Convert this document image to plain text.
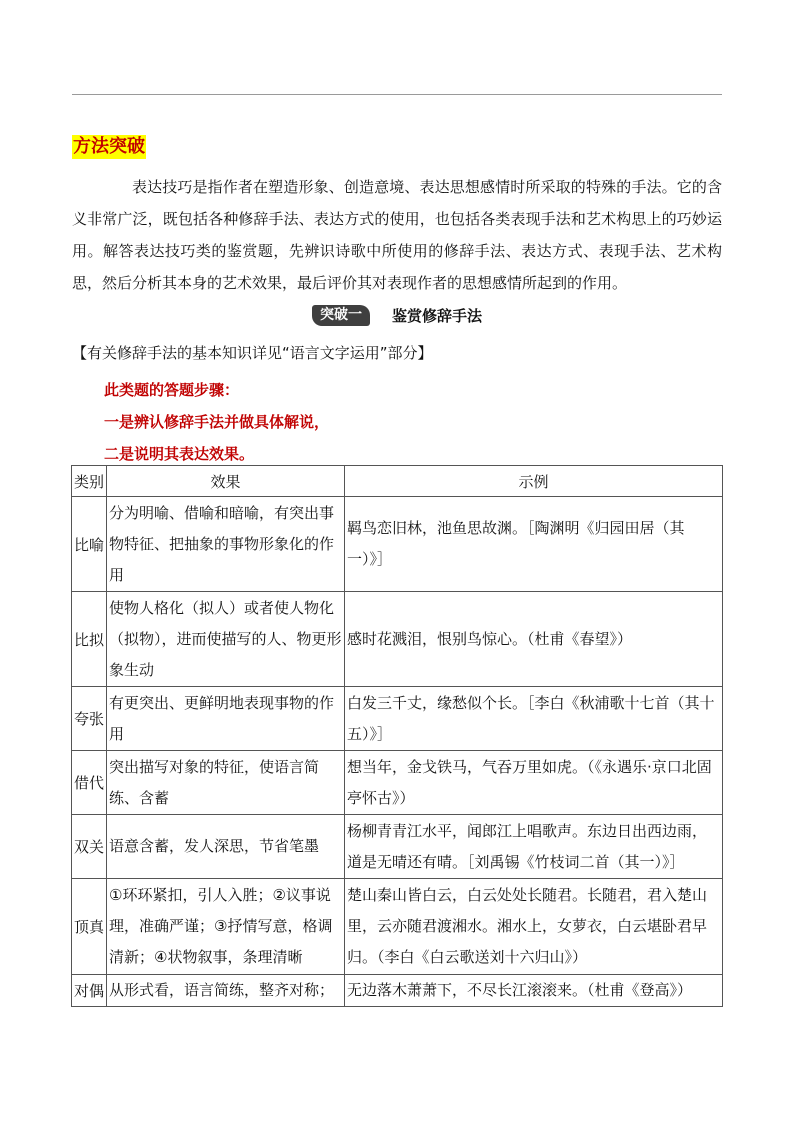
方法突破

表达技巧是指作者在塑造形象、创造意境、表达思想感情时所采取的特殊的手法。它的含义非常广泛，既包括各种修辞手法、表达方式的使用，也包括各类表现手法和艺术构思上的巧妙运用。解答表达技巧类的鉴赏题，先辨识诗歌中所使用的修辞手法、表达方式、表现手法、艺术构思，然后分析其本身的艺术效果，最后评价其对表现作者的思想感情所起到的作用。

突破一	鉴赏修辞手法
【有关修辞手法的基本知识详见“语言文字运用”部分】
此类题的答题步骤：
一是辨认修辞手法并做具体解说，
二是说明其表达效果。
类别	效果	示例
比喻	分为明喻、借喻和暗喻，有突出事物特征、把抽象的事物形象化的作用	羁鸟恋旧林，池鱼思故渊。［陶渊明《归园田居（其一）》］
比拟	使物人格化（拟人）或者使人物化（拟物），进而使描写的人、物更形象生动	感时花溅泪，恨别鸟惊心。（杜甫《春望》）
夸张	有更突出、更鲜明地表现事物的作用	白发三千丈，缘愁似个长。［李白《秋浦歌十七首（其十五）》］
借代	突出描写对象的特征，使语言简练、含蓄	想当年，金戈铁马，气吞万里如虎。（《永遇乐·京口北固亭怀古》）
双关	语意含蓄，发人深思，节省笔墨	杨柳青青江水平，闻郎江上唱歌声。东边日出西边雨，道是无晴还有晴。［刘禹锡《竹枝词二首（其一）》］
顶真	①环环紧扣，引人入胜；②议事说理，准确严谨；③抒情写意，格调清新；④状物叙事，条理清晰	楚山秦山皆白云，白云处处长随君。长随君，君入楚山里，云亦随君渡湘水。湘水上，女萝衣，白云堪卧君早归。（李白《白云歌送刘十六归山》）
对偶	从形式看，语言简练，整齐对称；	无边落木萧萧下，不尽长江滚滚来。（杜甫《登高》）
